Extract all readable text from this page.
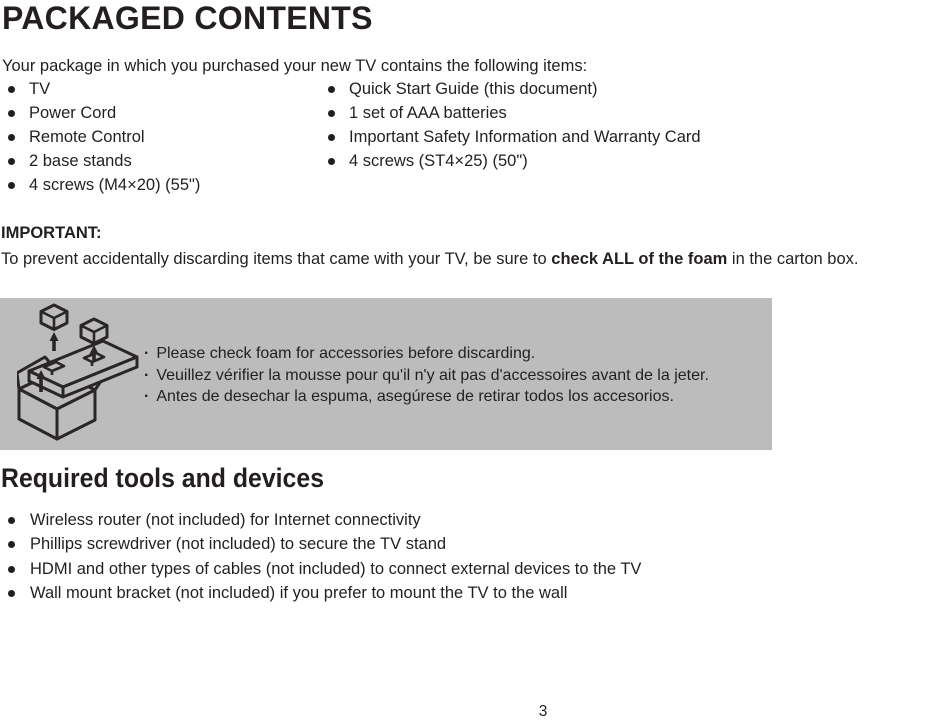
PACKAGED CONTENTS

Your package in which you purchased your new TV contains the following items:

TV
Power Cord
Remote Control
2 base stands
4 screws (M4×20) (55")
Quick Start Guide (this document)
1 set of AAA batteries
Important Safety Information and Warranty Card
4 screws (ST4×25) (50")

IMPORTANT:

To prevent accidentally discarding items that came with your TV, be sure to check ALL of the foam in the carton box.

· Please check foam for accessories before discarding.
· Veuillez vérifier la mousse pour qu'il n'y ait pas d'accessoires avant de la jeter.
· Antes de desechar la espuma, asegúrese de retirar todos los accesorios.
Required tools and devices
Wireless router (not included) for Internet connectivity
Phillips screwdriver (not included) to secure the TV stand
HDMI and other types of cables (not included) to connect external devices to the TV
Wall mount bracket (not included) if you prefer to mount the TV to the wall
3
